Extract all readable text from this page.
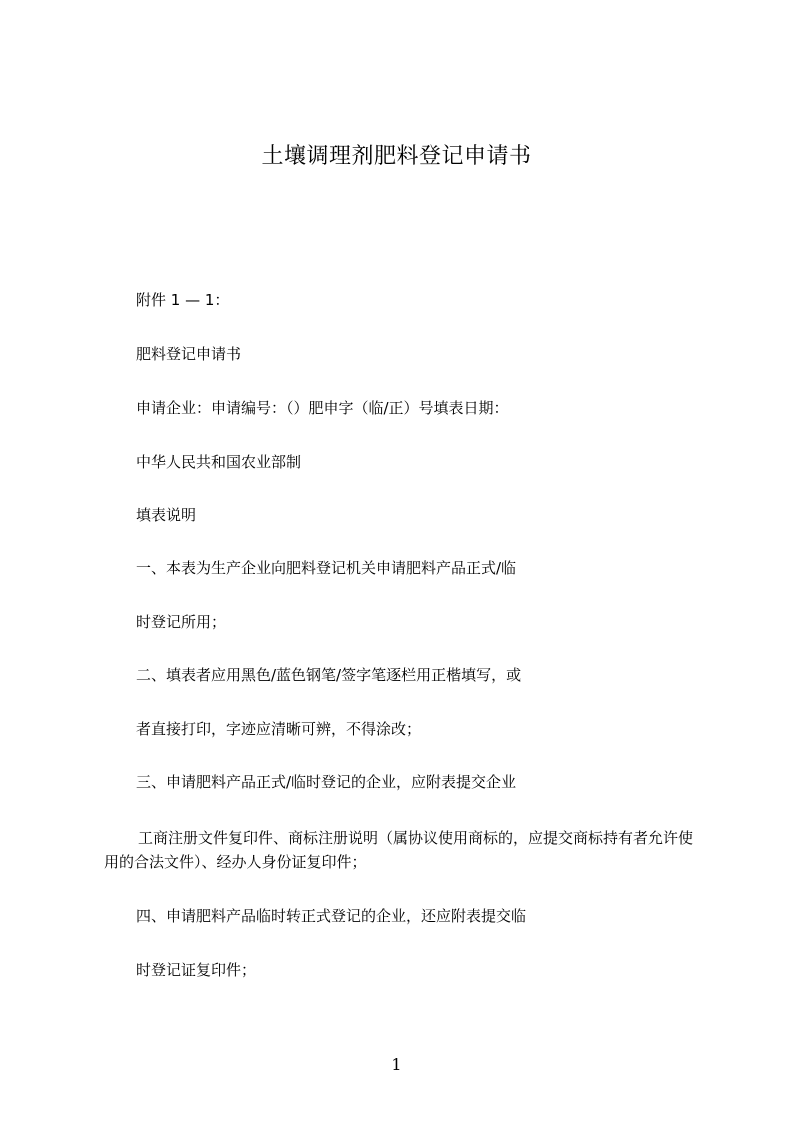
土壤调理剂肥料登记申请书

附件 1 — 1：

肥料登记申请书

申请企业：申请编号：（）肥申字（临/正）号填表日期：

中华人民共和国农业部制

填表说明

一、本表为生产企业向肥料登记机关申请肥料产品正式/临

时登记所用；

二、填表者应用黑色/蓝色钢笔/签字笔逐栏用正楷填写，或

者直接打印，字迹应清晰可辨，不得涂改；

三、申请肥料产品正式/临时登记的企业，应附表提交企业

工商注册文件复印件、商标注册说明（属协议使用商标的，应提交商标持有者允许使用的合法文件）、经办人身份证复印件；

四、申请肥料产品临时转正式登记的企业，还应附表提交临

时登记证复印件；

1
